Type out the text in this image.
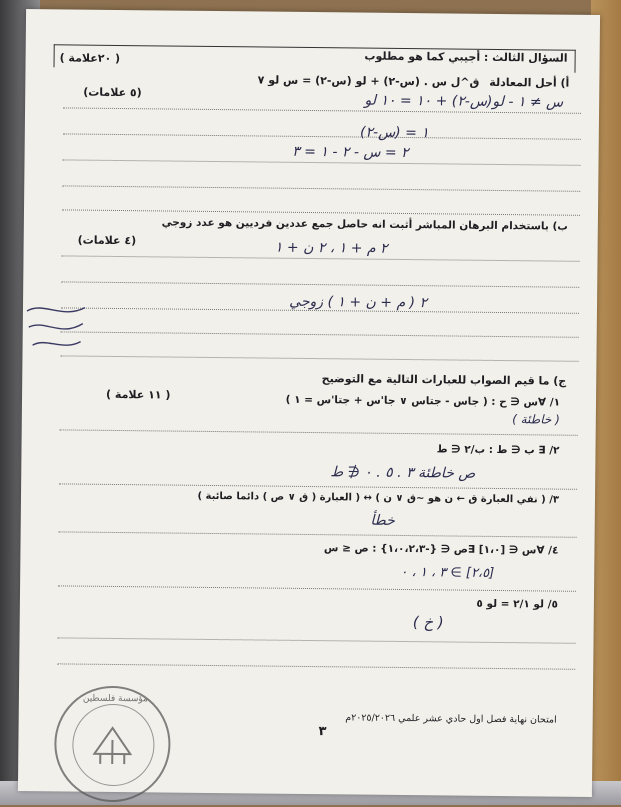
السؤال الثالث : أجيبي كما هو مطلوب
( ٢٠علامة )
أ) أحل المعادلة
ق^ل س . (س-٢) + لو (س-٢) = س لو ٧
(٥ علامات)	س ≠ ١ - لو(س-٢) + ١٠ = ١٠ لو
١ = (س-٢)
٢ = س - ٢ - ١ = ٣
ب) باستخدام البرهان المباشر أثبت انه حاصل جمع عددين فرديين هو عدد زوجي
(٤ علامات)	٢ م + ١ ، ٢ ن + ١
٢ ( م + ن + ١ ) زوجي
ج) ما قيم الصواب للعبارات التالية مع التوضيح
( ١١ علامة )	١/ ∀س ∈ ح : ( جاس - جتاس ∨ جا'س + جتا'س = ١ )
( خاطئة )
٢/ ∃ ب ∈ ط : ب/٢ ∈ ط
ص خاطئة ٣ . ٥ . ٠ ∉ ط
٣/ ( نفي العبارة ق ← ن هو ~ق ∨ ن ) ↔ ( العبارة ( ق ∨ ص ) دائما صائبة )
خطأ
٤/ ∀س ∈ [١،٠] ∃ص ∈ {-١،٠،٢،٣} : ص ≤ س
[٢،٥] ∋ ٣ ، ١ ، ٠
٥/ لو ٢/١ = لو ٥
( خ )
امتحان نهاية فصل اول حادي عشر علمي ٢٠٢٥/٢٠٢٦م
٣
مؤسسة فلسطين
